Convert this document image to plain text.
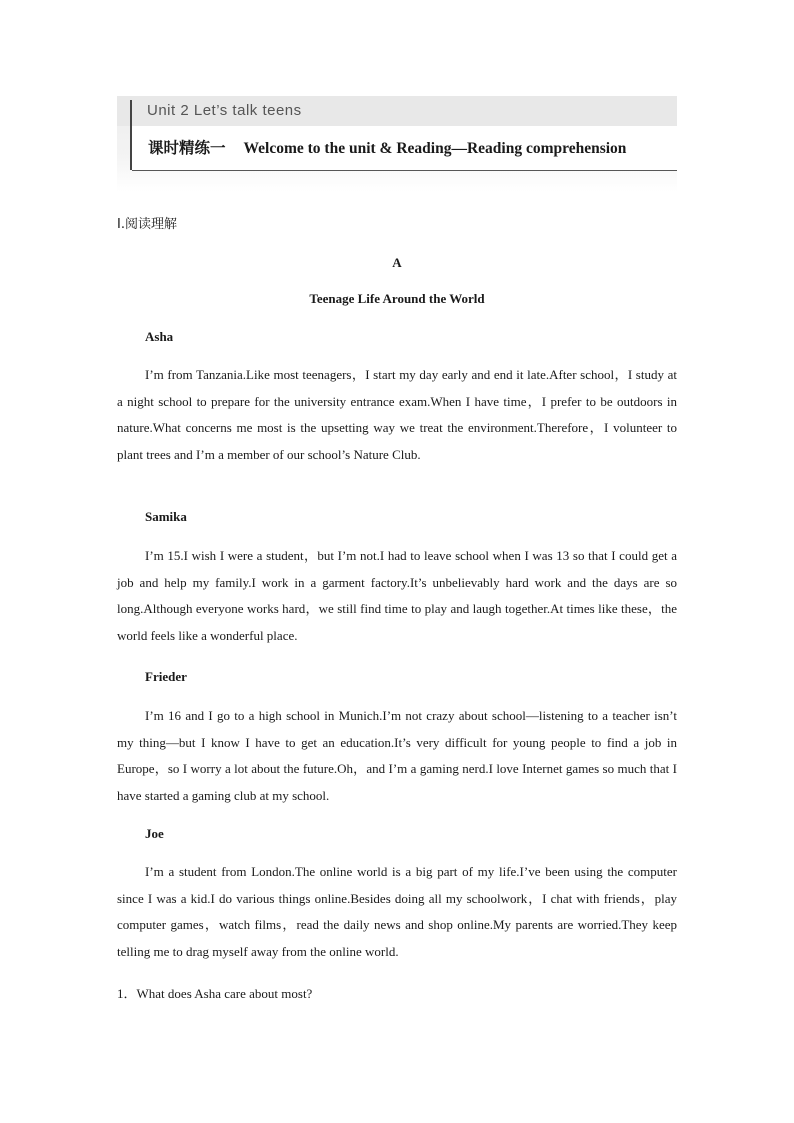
Unit 2 Let’s talk teens
课时精练一 Welcome to the unit & Reading—Reading comprehension
Ⅰ.阅读理解
A
Teenage Life Around the World
Asha

I’m from Tanzania.Like most teenagers，I start my day early and end it late.After school，I study at a night school to prepare for the university entrance exam.When I have time，I prefer to be outdoors in nature.What concerns me most is the upsetting way we treat the environment.Therefore，I volunteer to plant trees and I’m a member of our school’s Nature Club.

Samika

I’m 15.I wish I were a student，but I’m not.I had to leave school when I was 13 so that I could get a job and help my family.I work in a garment factory.It’s unbelievably hard work and the days are so long.Although everyone works hard，we still find time to play and laugh together.At times like these，the world feels like a wonderful place.

Frieder

I’m 16 and I go to a high school in Munich.I’m not crazy about school—listening to a teacher isn’t my thing—but I know I have to get an education.It’s very difficult for young people to find a job in Europe，so I worry a lot about the future.Oh，and I’m a gaming nerd.I love Internet games so much that I have started a gaming club at my school.

Joe

I’m a student from London.The online world is a big part of my life.I’ve been using the computer since I was a kid.I do various things online.Besides doing all my schoolwork，I chat with friends，play computer games，watch films，read the daily news and shop online.My parents are worried.They keep telling me to drag myself away from the online world.

1．What does Asha care about most?
